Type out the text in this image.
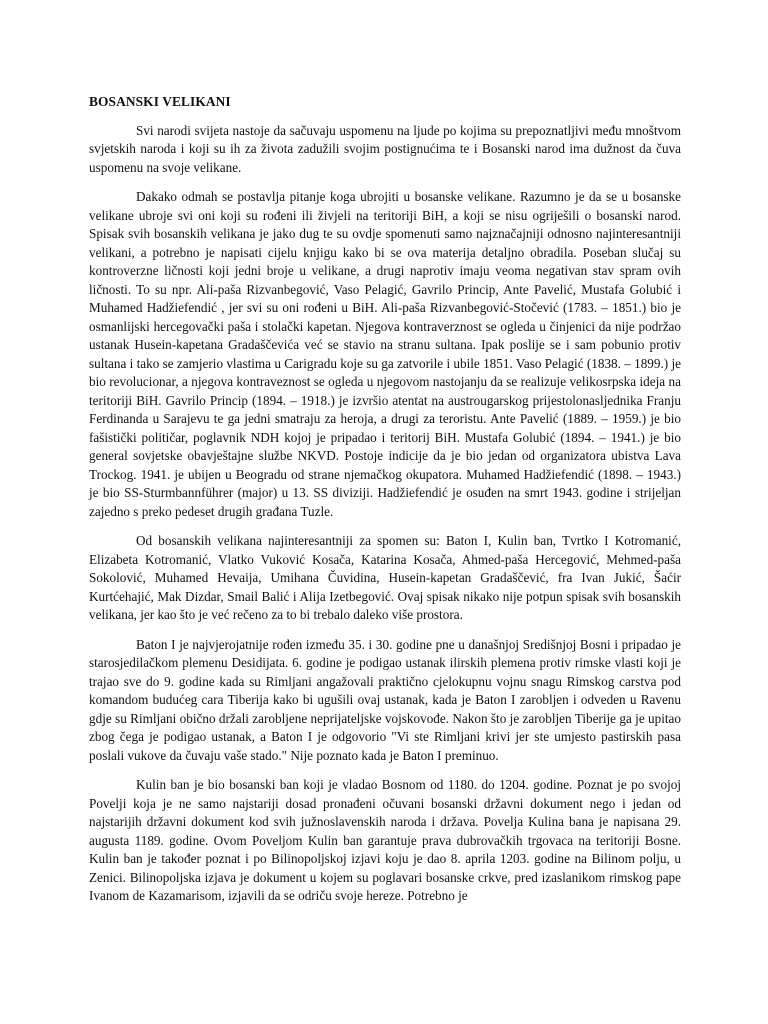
BOSANSKI VELIKANI

Svi narodi svijeta nastoje da sačuvaju uspomenu na ljude po kojima su prepoznatljivi među mnoštvom svjetskih naroda i koji su ih za života zadužili svojim postignućima te i Bosanski narod ima dužnost da čuva uspomenu na svoje velikane.

Dakako odmah se postavlja pitanje koga ubrojiti u bosanske velikane. Razumno je da se u bosanske velikane ubroje svi oni koji su rođeni ili živjeli na teritoriji BiH, a koji se nisu ogriješili o bosanski narod. Spisak svih bosanskih velikana je jako dug te su ovdje spomenuti samo najznačajniji odnosno najinteresantniji velikani, a potrebno je napisati cijelu knjigu kako bi se ova materija detaljno obradila. Poseban slučaj su kontroverzne ličnosti koji jedni broje u velikane, a drugi naprotiv imaju veoma negativan stav spram ovih ličnosti. To su npr. Ali-paša Rizvanbegović, Vaso Pelagić, Gavrilo Princip, Ante Pavelić, Mustafa Golubić i Muhamed Hadžiefendić , jer svi su oni rođeni u BiH. Ali-paša Rizvanbegović-Stočević (1783. – 1851.) bio je osmanlijski hercegovački paša i stolački kapetan. Njegova kontraverznost se ogleda u činjenici da nije podržao ustanak Husein-kapetana Gradaščevića već se stavio na stranu sultana. Ipak poslije se i sam pobunio protiv sultana i tako se zamjerio vlastima u Carigradu koje su ga zatvorile i ubile 1851. Vaso Pelagić (1838. – 1899.) je bio revolucionar, a njegova kontraveznost se ogleda u njegovom nastojanju da se realizuje velikosrpska ideja na teritoriji BiH. Gavrilo Princip (1894. – 1918.) je izvršio atentat na austrougarskog prijestolonasljednika Franju Ferdinanda u Sarajevu te ga jedni smatraju za heroja, a drugi za teroristu. Ante Pavelić (1889. – 1959.) je bio fašistički političar, poglavnik NDH kojoj je pripadao i teritorij BiH. Mustafa Golubić (1894. – 1941.) je bio general sovjetske obavještajne službe NKVD. Postoje indicije da je bio jedan od organizatora ubistva Lava Trockog. 1941. je ubijen u Beogradu od strane njemačkog okupatora. Muhamed Hadžiefendić (1898. – 1943.) je bio SS-Sturmbannführer (major) u 13. SS diviziji. Hadžiefendić je osuđen na smrt 1943. godine i strijeljan zajedno s preko pedeset drugih građana Tuzle.

Od bosanskih velikana najinteresantniji za spomen su: Baton I, Kulin ban, Tvrtko I Kotromanić, Elizabeta Kotromanić, Vlatko Vuković Kosača, Katarina Kosača, Ahmed-paša Hercegović, Mehmed-paša Sokolović, Muhamed Hevaija, Umihana Čuvidina, Husein-kapetan Gradaščević, fra Ivan Jukić, Šaćir Kurtćehajić, Mak Dizdar, Smail Balić i Alija Izetbegović. Ovaj spisak nikako nije potpun spisak svih bosanskih velikana, jer kao što je već rečeno za to bi trebalo daleko više prostora.

Baton I je najvjerojatnije rođen između 35. i 30. godine pne u današnjoj Središnjoj Bosni i pripadao je starosjedilačkom plemenu Desidijata. 6. godine je podigao ustanak ilirskih plemena protiv rimske vlasti koji je trajao sve do 9. godine kada su Rimljani angažovali praktično cjelokupnu vojnu snagu Rimskog carstva pod komandom budućeg cara Tiberija kako bi ugušili ovaj ustanak, kada je Baton I zarobljen i odveden u Ravenu gdje su Rimljani obično držali zarobljene neprijateljske vojskovođe. Nakon što je zarobljen Tiberije ga je upitao zbog čega je podigao ustanak, a Baton I je odgovorio "Vi ste Rimljani krivi jer ste umjesto pastirskih pasa poslali vukove da čuvaju vaše stado." Nije poznato kada je Baton I preminuo.

Kulin ban je bio bosanski ban koji je vladao Bosnom od 1180. do 1204. godine. Poznat je po svojoj Povelji koja je ne samo najstariji dosad pronađeni očuvani bosanski državni dokument nego i jedan od najstarijih državni dokument kod svih južnoslavenskih naroda i država. Povelja Kulina bana je napisana 29. augusta 1189. godine. Ovom Poveljom Kulin ban garantuje prava dubrovačkih trgovaca na teritoriji Bosne. Kulin ban je također poznat i po Bilinopoljskoj izjavi koju je dao 8. aprila 1203. godine na Bilinom polju, u Zenici. Bilinopoljska izjava je dokument u kojem su poglavari bosanske crkve, pred izaslanikom rimskog pape Ivanom de Kazamarisom, izjavili da se odriču svoje hereze. Potrebno je
